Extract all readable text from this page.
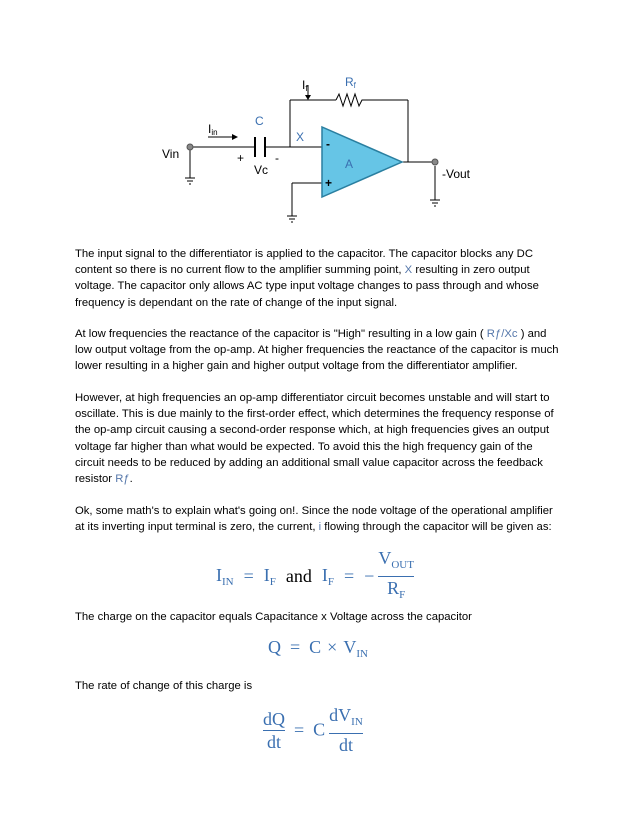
Vin
Iin
C
+	-
Vc
X
If	Rf
A
-
+
-Vout

The input signal to the differentiator is applied to the capacitor. The capacitor blocks any DC content so there is no current flow to the amplifier summing point, X resulting in zero output voltage. The capacitor only allows AC type input voltage changes to pass through and whose frequency is dependant on the rate of change of the input signal.

At low frequencies the reactance of the capacitor is "High" resulting in a low gain ( Rƒ/Xc ) and low output voltage from the op-amp. At higher frequencies the reactance of the capacitor is much lower resulting in a higher gain and higher output voltage from the differentiator amplifier.

However, at high frequencies an op-amp differentiator circuit becomes unstable and will start to oscillate. This is due mainly to the first-order effect, which determines the frequency response of the op-amp circuit causing a second-order response which, at high frequencies gives an output voltage far higher than what would be expected. To avoid this the high frequency gain of the circuit needs to be reduced by adding an additional small value capacitor across the feedback resistor Rƒ.

Ok, some math's to explain what's going on!. Since the node voltage of the operational amplifier at its inverting input terminal is zero, the current, i flowing through the capacitor will be given as:

$I_{IN} = I_F$ and $I_F$ = − $\frac{V_{OUT}}{R_F}$
The charge on the capacitor equals Capacitance x Voltage across the capacitor
$Q = C \times V_{IN}$
The rate of change of this charge is
$\frac{dQ}{dt} = C \frac{dV_{IN}}{dt}$
